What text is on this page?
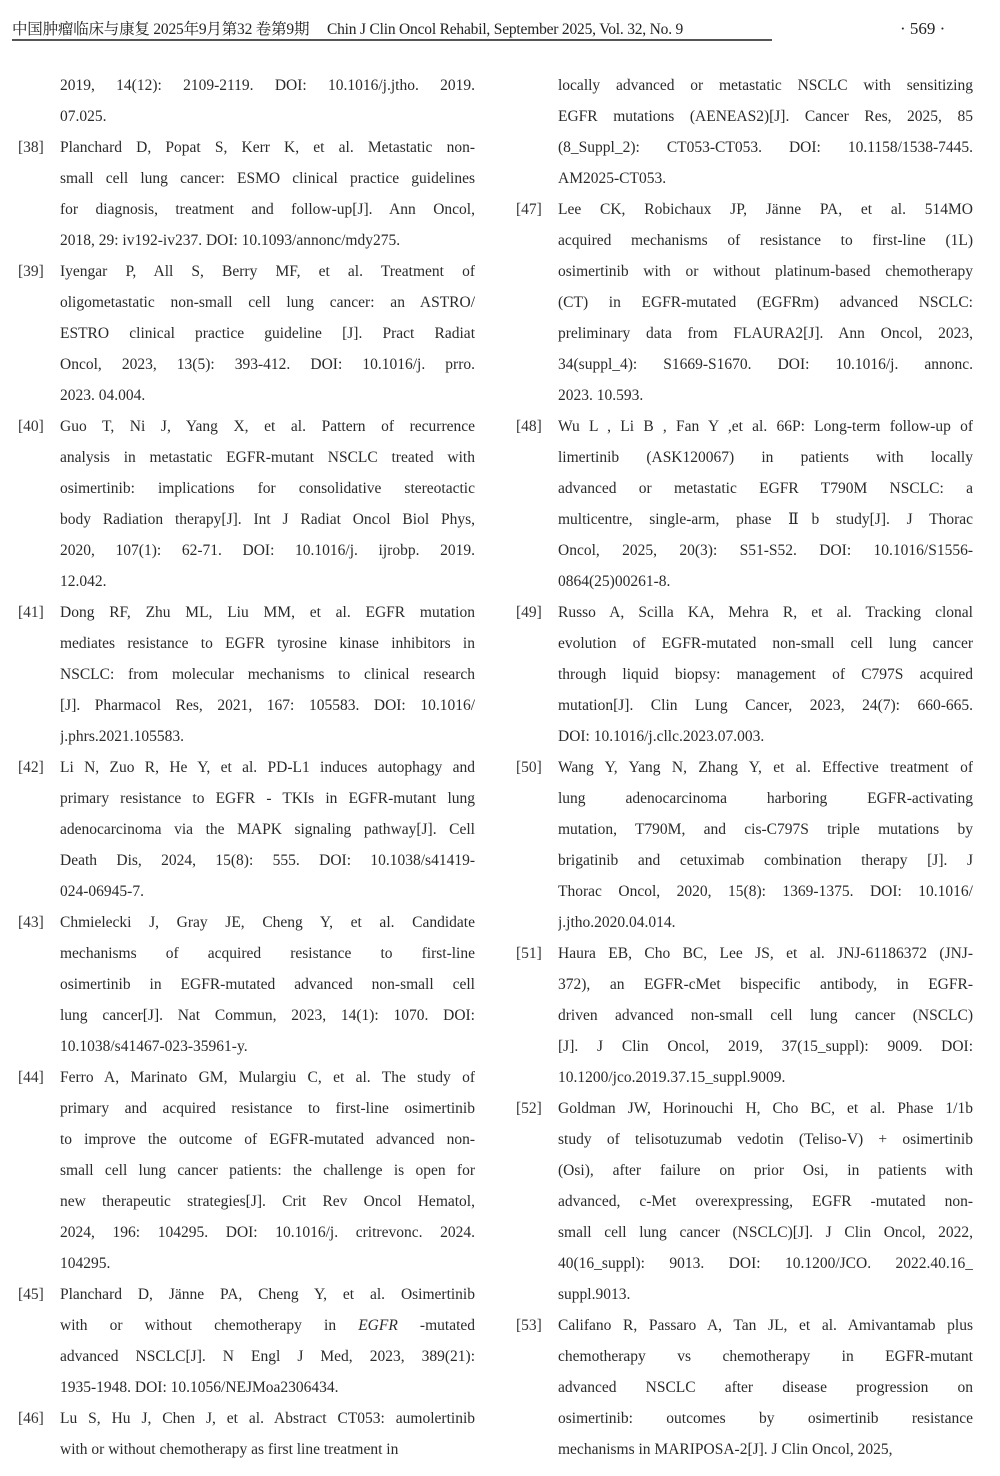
中国肿瘤临床与康复 2025年9月第32 卷第9期 Chin J Clin Oncol Rehabil, September 2025, Vol. 32, No. 9	· 569 ·
2019, 14(12): 2109-2119. DOI: 10.1016/j.jtho. 2019.
07.025.
[38] Planchard D, Popat S, Kerr K, et al. Metastatic non-
small cell lung cancer: ESMO clinical practice guidelines
for diagnosis, treatment and follow-up[J]. Ann Oncol,
2018, 29: iv192-iv237. DOI: 10.1093/annonc/mdy275.
[39] Iyengar P, All S, Berry MF, et al. Treatment of
oligometastatic non-small cell lung cancer: an ASTRO/
ESTRO clinical practice guideline [J]. Pract Radiat
Oncol, 2023, 13(5): 393-412. DOI: 10.1016/j. prro.
2023. 04.004.
[40] Guo T, Ni J, Yang X, et al. Pattern of recurrence
analysis in metastatic EGFR-mutant NSCLC treated with
osimertinib: implications for consolidative stereotactic
body Radiation therapy[J]. Int J Radiat Oncol Biol Phys,
2020, 107(1): 62-71. DOI: 10.1016/j. ijrobp. 2019.
12.042.
[41] Dong RF, Zhu ML, Liu MM, et al. EGFR mutation
mediates resistance to EGFR tyrosine kinase inhibitors in
NSCLC: from molecular mechanisms to clinical research
[J]. Pharmacol Res, 2021, 167: 105583. DOI: 10.1016/
j.phrs.2021.105583.
[42] Li N, Zuo R, He Y, et al. PD-L1 induces autophagy and
primary resistance to EGFR - TKIs in EGFR-mutant lung
adenocarcinoma via the MAPK signaling pathway[J]. Cell
Death Dis, 2024, 15(8): 555. DOI: 10.1038/s41419-
024-06945-7.
[43] Chmielecki J, Gray JE, Cheng Y, et al. Candidate
mechanisms of acquired resistance to first-line
osimertinib in EGFR-mutated advanced non-small cell
lung cancer[J]. Nat Commun, 2023, 14(1): 1070. DOI:
10.1038/s41467-023-35961-y.
[44] Ferro A, Marinato GM, Mulargiu C, et al. The study of
primary and acquired resistance to first-line osimertinib
to improve the outcome of EGFR-mutated advanced non-
small cell lung cancer patients: the challenge is open for
new therapeutic strategies[J]. Crit Rev Oncol Hematol,
2024, 196: 104295. DOI: 10.1016/j. critrevonc. 2024.
104295.
[45] Planchard D, Jänne PA, Cheng Y, et al. Osimertinib
with or without chemotherapy in EGFR -mutated
advanced NSCLC[J]. N Engl J Med, 2023, 389(21):
1935-1948. DOI: 10.1056/NEJMoa2306434.
[46] Lu S, Hu J, Chen J, et al. Abstract CT053: aumolertinib
with or without chemotherapy as first line treatment in
locally advanced or metastatic NSCLC with sensitizing
EGFR mutations (AENEAS2)[J]. Cancer Res, 2025, 85
(8_Suppl_2): CT053-CT053. DOI: 10.1158/1538-7445.
AM2025-CT053.
[47] Lee CK, Robichaux JP, Jänne PA, et al. 514MO
acquired mechanisms of resistance to first-line (1L)
osimertinib with or without platinum-based chemotherapy
(CT) in EGFR-mutated (EGFRm) advanced NSCLC:
preliminary data from FLAURA2[J]. Ann Oncol, 2023,
34(suppl_4): S1669-S1670. DOI: 10.1016/j. annonc.
2023. 10.593.
[48] Wu L , Li B , Fan Y ,et al. 66P: Long-term follow-up of
limertinib (ASK120067) in patients with locally
advanced or metastatic EGFR T790M NSCLC: a
multicentre, single-arm, phase Ⅱb study[J]. J Thorac
Oncol, 2025, 20(3): S51-S52. DOI: 10.1016/S1556-
0864(25)00261-8.
[49] Russo A, Scilla KA, Mehra R, et al. Tracking clonal
evolution of EGFR-mutated non-small cell lung cancer
through liquid biopsy: management of C797S acquired
mutation[J]. Clin Lung Cancer, 2023, 24(7): 660-665.
DOI: 10.1016/j.cllc.2023.07.003.
[50] Wang Y, Yang N, Zhang Y, et al. Effective treatment of
lung adenocarcinoma harboring EGFR-activating
mutation, T790M, and cis-C797S triple mutations by
brigatinib and cetuximab combination therapy [J]. J
Thorac Oncol, 2020, 15(8): 1369-1375. DOI: 10.1016/
j.jtho.2020.04.014.
[51] Haura EB, Cho BC, Lee JS, et al. JNJ-61186372 (JNJ-
372), an EGFR-cMet bispecific antibody, in EGFR-
driven advanced non-small cell lung cancer (NSCLC)
[J]. J Clin Oncol, 2019, 37(15_suppl): 9009. DOI:
10.1200/jco.2019.37.15_suppl.9009.
[52] Goldman JW, Horinouchi H, Cho BC, et al. Phase 1/1b
study of telisotuzumab vedotin (Teliso-V) + osimertinib
(Osi), after failure on prior Osi, in patients with
advanced, c-Met overexpressing, EGFR -mutated non-
small cell lung cancer (NSCLC)[J]. J Clin Oncol, 2022,
40(16_suppl): 9013. DOI: 10.1200/JCO. 2022.40.16_
suppl.9013.
[53] Califano R, Passaro A, Tan JL, et al. Amivantamab plus
chemotherapy vs chemotherapy in EGFR-mutant
advanced NSCLC after disease progression on
osimertinib: outcomes by osimertinib resistance
mechanisms in MARIPOSA-2[J]. J Clin Oncol, 2025,
